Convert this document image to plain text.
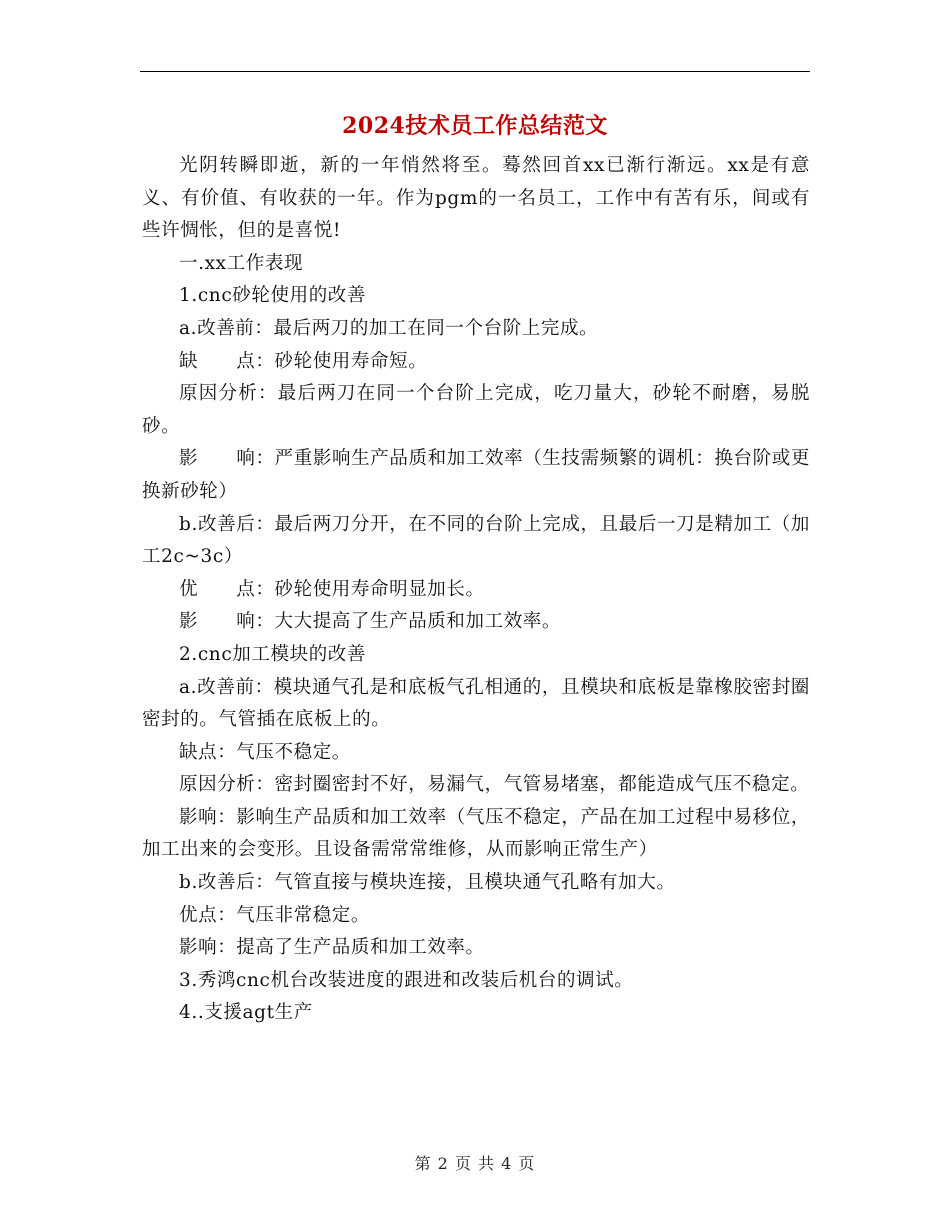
2024技术员工作总结范文

光阴转瞬即逝，新的一年悄然将至。蓦然回首xx已渐行渐远。xx是有意义、有价值、有收获的一年。作为pgm的一名员工，工作中有苦有乐，间或有些许惆怅，但的是喜悦!

一.xx工作表现

1.cnc砂轮使用的改善

a.改善前：最后两刀的加工在同一个台阶上完成。

缺　　点：砂轮使用寿命短。

原因分析：最后两刀在同一个台阶上完成，吃刀量大，砂轮不耐磨，易脱砂。

影　　响：严重影响生产品质和加工效率（生技需频繁的调机：换台阶或更换新砂轮）

b.改善后：最后两刀分开，在不同的台阶上完成，且最后一刀是精加工（加工2c~3c）

优　　点：砂轮使用寿命明显加长。

影　　响：大大提高了生产品质和加工效率。

2.cnc加工模块的改善

a.改善前：模块通气孔是和底板气孔相通的，且模块和底板是靠橡胶密封圈密封的。气管插在底板上的。

缺点：气压不稳定。

原因分析：密封圈密封不好，易漏气，气管易堵塞，都能造成气压不稳定。

影响：影响生产品质和加工效率（气压不稳定，产品在加工过程中易移位，加工出来的会变形。且设备需常常维修，从而影响正常生产）

b.改善后：气管直接与模块连接，且模块通气孔略有加大。

优点：气压非常稳定。

影响：提高了生产品质和加工效率。

3.秀鸿cnc机台改装进度的跟进和改装后机台的调试。

4..支援agt生产

第 2 页 共 4 页
